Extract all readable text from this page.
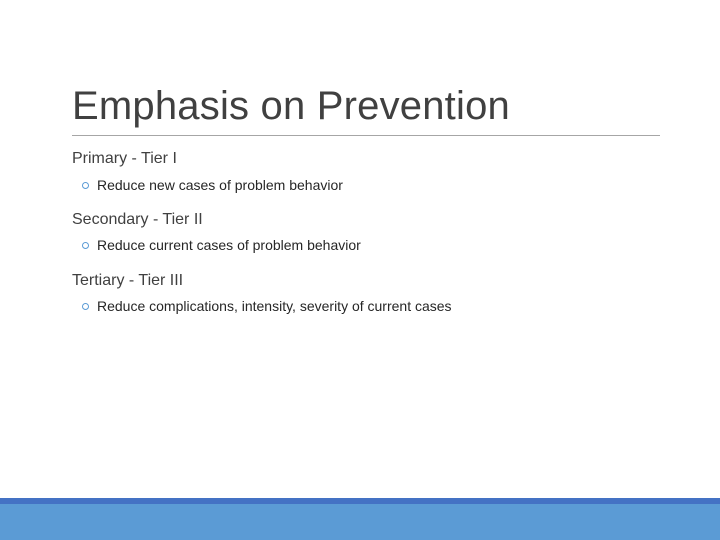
Emphasis on Prevention
Primary - Tier I
Reduce new cases of problem behavior
Secondary - Tier II
Reduce current cases of problem behavior
Tertiary - Tier III
Reduce complications, intensity, severity of current cases
